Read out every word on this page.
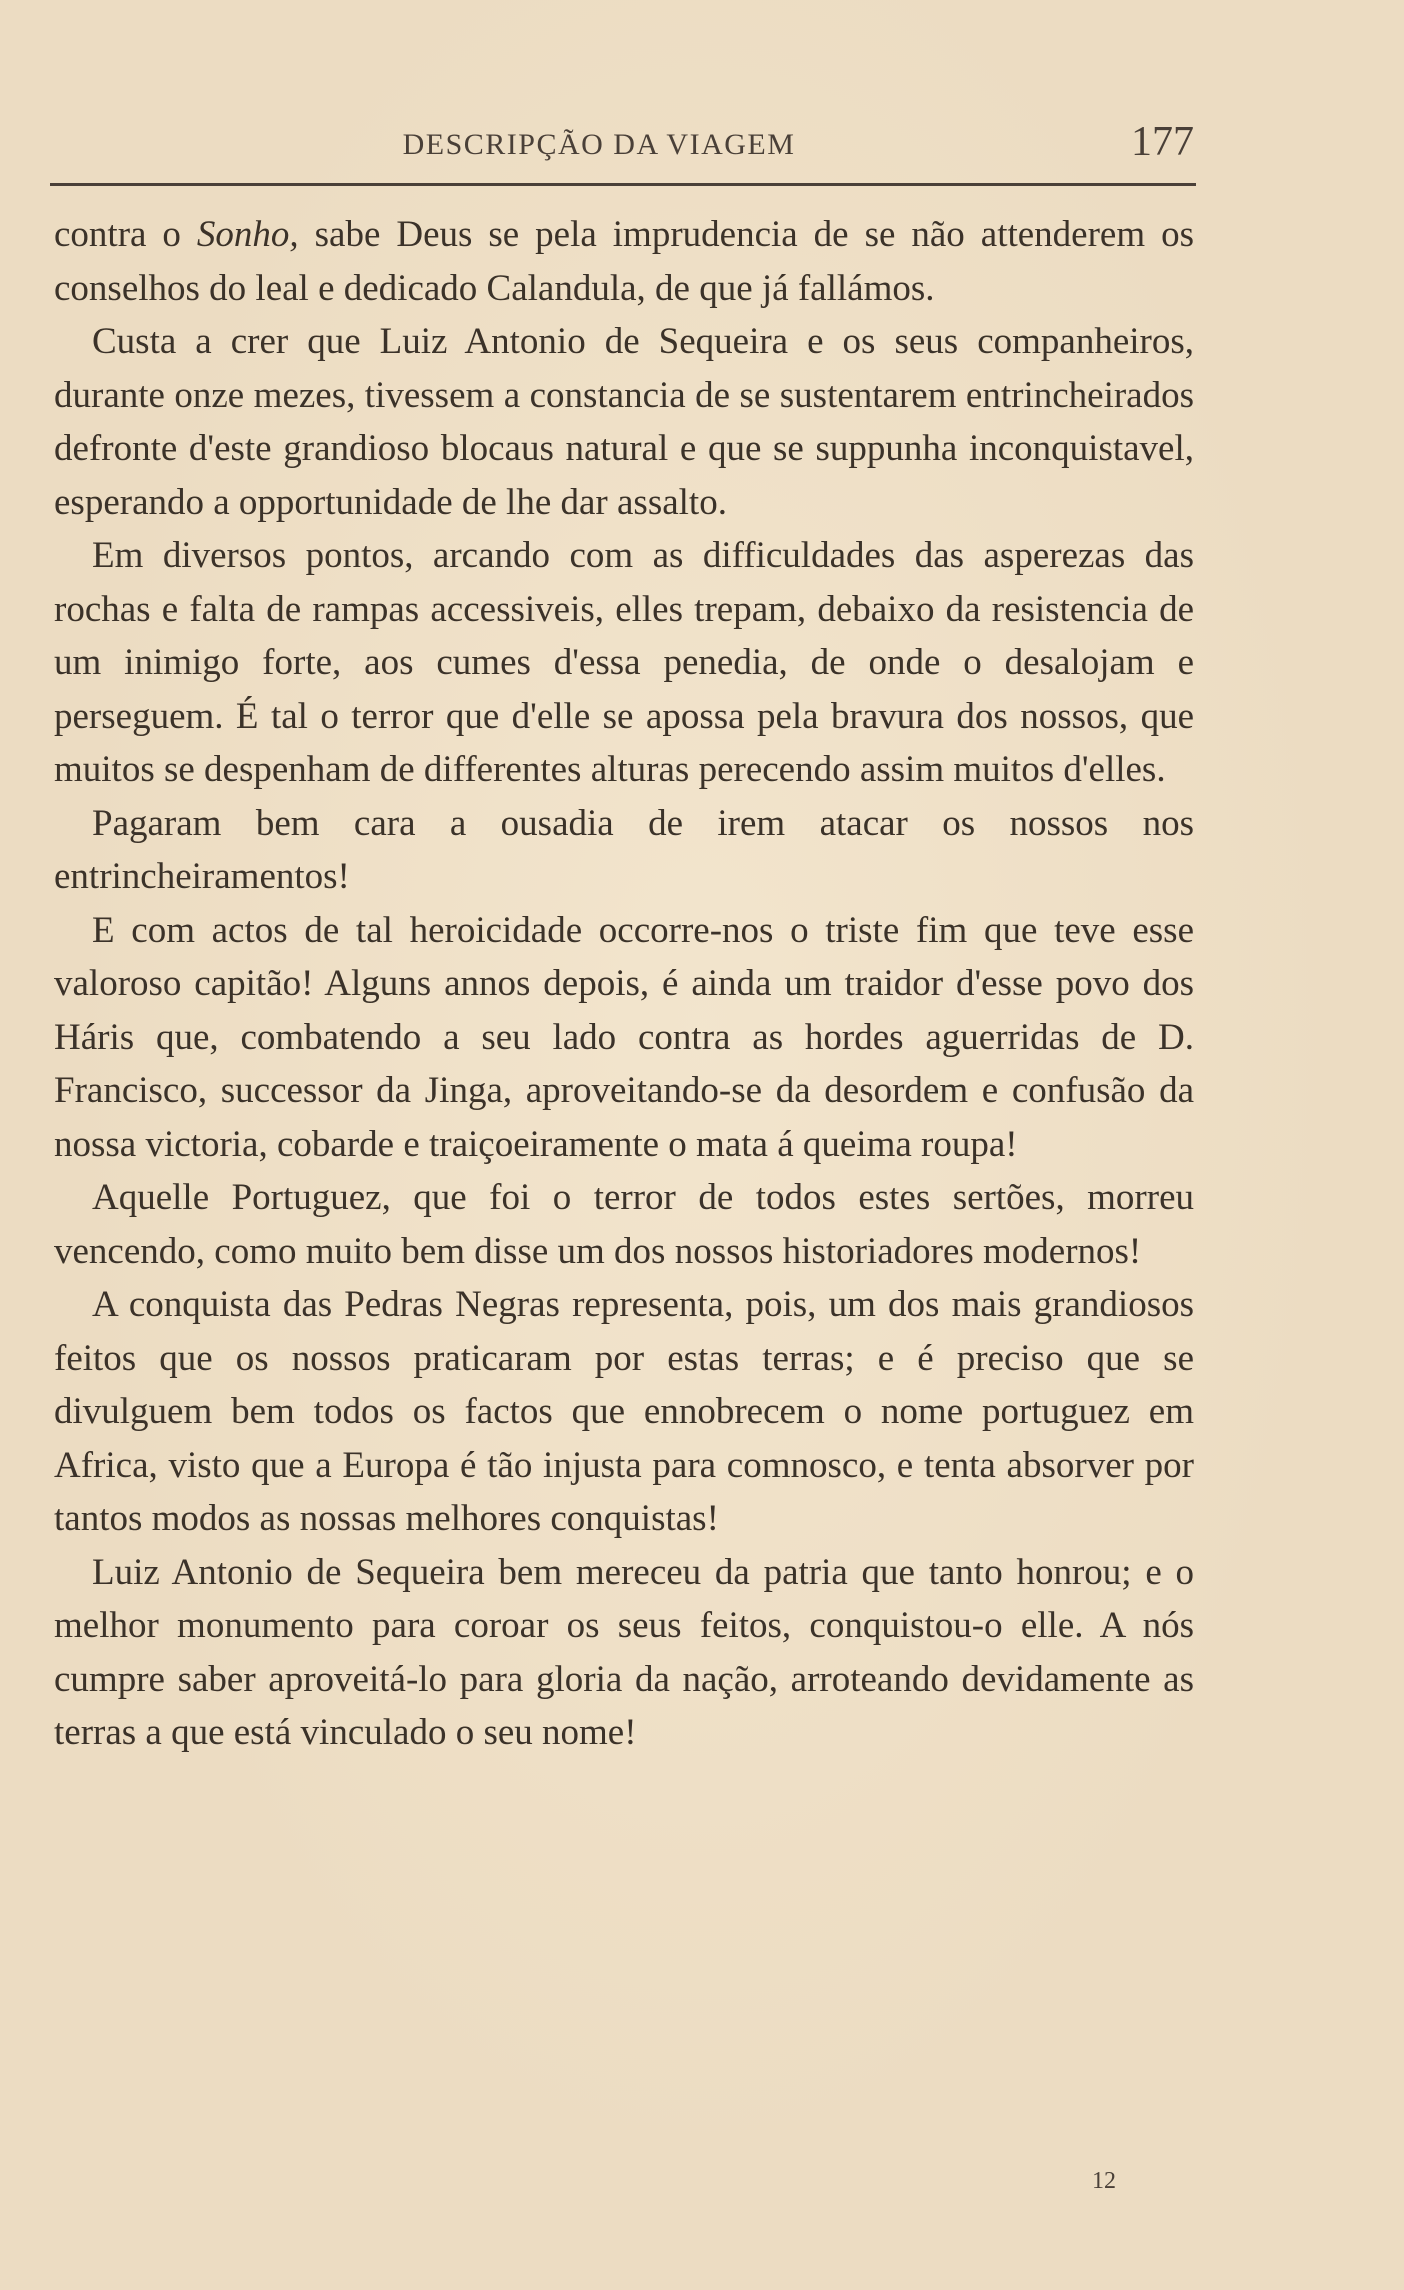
DESCRIPÇÃO DA VIAGEM	177

contra o Sonho, sabe Deus se pela imprudencia de se não attenderem os conselhos do leal e dedicado Calandula, de que já fallámos.

Custa a crer que Luiz Antonio de Sequeira e os seus companheiros, durante onze mezes, tivessem a constancia de se sustentarem entrincheirados defronte d'este grandioso blocaus natural e que se suppunha inconquistavel, esperando a opportunidade de lhe dar assalto.

Em diversos pontos, arcando com as difficuldades das asperezas das rochas e falta de rampas accessiveis, elles trepam, debaixo da resistencia de um inimigo forte, aos cumes d'essa penedia, de onde o desalojam e perseguem. É tal o terror que d'elle se apossa pela bravura dos nossos, que muitos se despenham de differentes alturas perecendo assim muitos d'elles.

Pagaram bem cara a ousadia de irem atacar os nossos nos entrincheiramentos!

E com actos de tal heroicidade occorre-nos o triste fim que teve esse valoroso capitão! Alguns annos depois, é ainda um traidor d'esse povo dos Háris que, combatendo a seu lado contra as hordes aguerridas de D. Francisco, successor da Jinga, aproveitando-se da desordem e confusão da nossa victoria, cobarde e traiçoeiramente o mata á queima roupa!

Aquelle Portuguez, que foi o terror de todos estes sertões, morreu vencendo, como muito bem disse um dos nossos historiadores modernos!

A conquista das Pedras Negras representa, pois, um dos mais grandiosos feitos que os nossos praticaram por estas terras; e é preciso que se divulguem bem todos os factos que ennobrecem o nome portuguez em Africa, visto que a Europa é tão injusta para comnosco, e tenta absorver por tantos modos as nossas melhores conquistas!

Luiz Antonio de Sequeira bem mereceu da patria que tanto honrou; e o melhor monumento para coroar os seus feitos, conquistou-o elle. A nós cumpre saber aproveitá-lo para gloria da nação, arroteando devidamente as terras a que está vinculado o seu nome!

12
